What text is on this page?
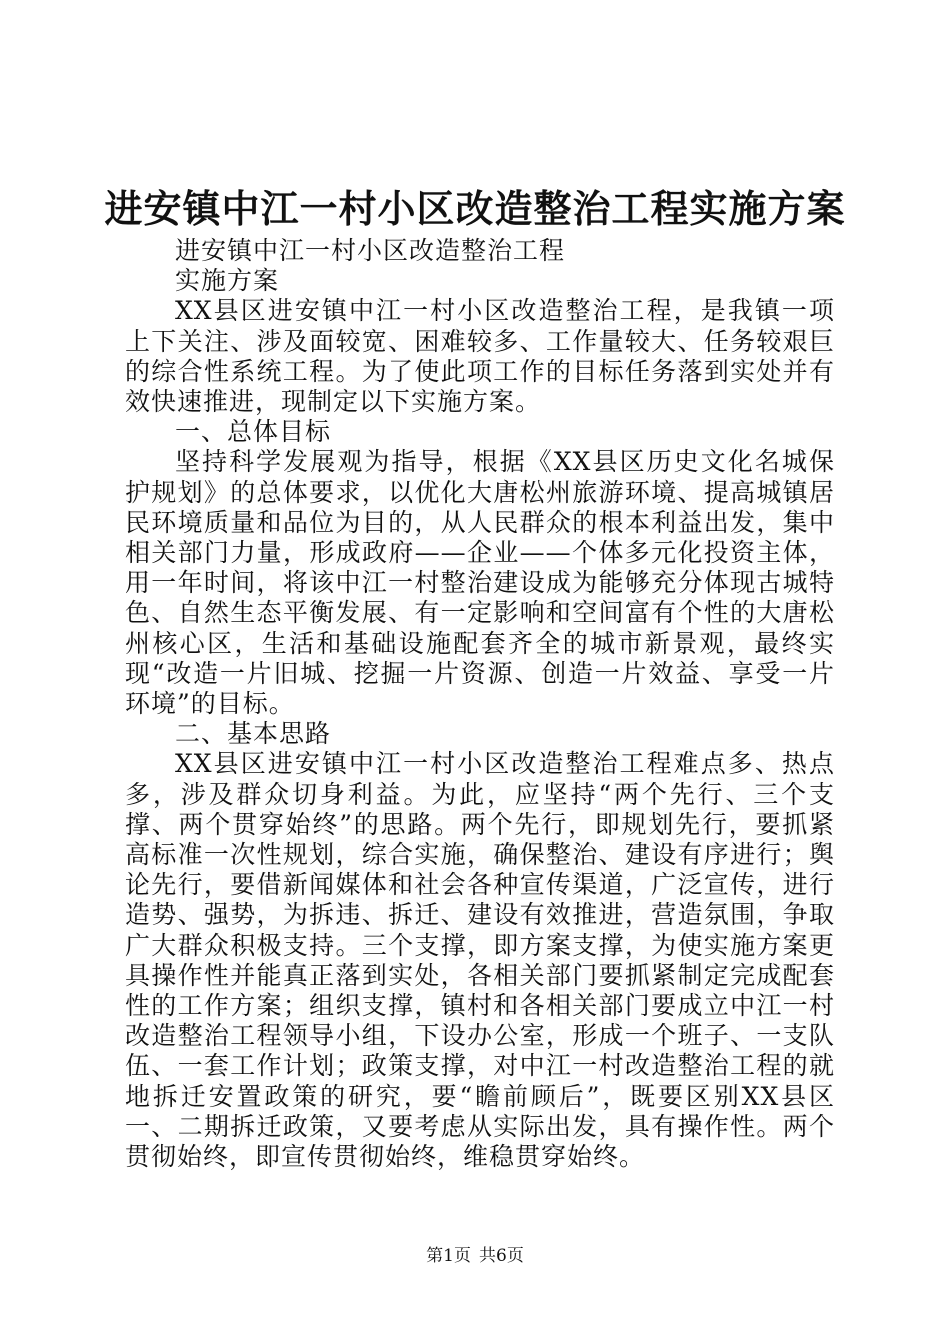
进安镇中江一村小区改造整治工程实施方案

进安镇中江一村小区改造整治工程

实施方案

XX县区进安镇中江一村小区改造整治工程，是我镇一项上下关注、涉及面较宽、困难较多、工作量较大、任务较艰巨的综合性系统工程。为了使此项工作的目标任务落到实处并有效快速推进，现制定以下实施方案。

一、总体目标

坚持科学发展观为指导，根据《XX县区历史文化名城保护规划》的总体要求，以优化大唐松州旅游环境、提高城镇居民环境质量和品位为目的，从人民群众的根本利益出发，集中相关部门力量，形成政府——企业——个体多元化投资主体，用一年时间，将该中江一村整治建设成为能够充分体现古城特色、自然生态平衡发展、有一定影响和空间富有个性的大唐松州核心区，生活和基础设施配套齐全的城市新景观，最终实现“改造一片旧城、挖掘一片资源、创造一片效益、享受一片环境”的目标。

二、基本思路

XX县区进安镇中江一村小区改造整治工程难点多、热点多，涉及群众切身利益。为此，应坚持“两个先行、三个支撑、两个贯穿始终”的思路。两个先行，即规划先行，要抓紧高标准一次性规划，综合实施，确保整治、建设有序进行；舆论先行，要借新闻媒体和社会各种宣传渠道，广泛宣传，进行造势、强势，为拆违、拆迁、建设有效推进，营造氛围，争取广大群众积极支持。三个支撑，即方案支撑，为使实施方案更具操作性并能真正落到实处，各相关部门要抓紧制定完成配套性的工作方案；组织支撑，镇村和各相关部门要成立中江一村改造整治工程领导小组，下设办公室，形成一个班子、一支队伍、一套工作计划；政策支撑，对中江一村改造整治工程的就地拆迁安置政策的研究，要“瞻前顾后”，既要区别XX县区一、二期拆迁政策，又要考虑从实际出发，具有操作性。两个贯彻始终，即宣传贯彻始终，维稳贯穿始终。

第1页 共6页
